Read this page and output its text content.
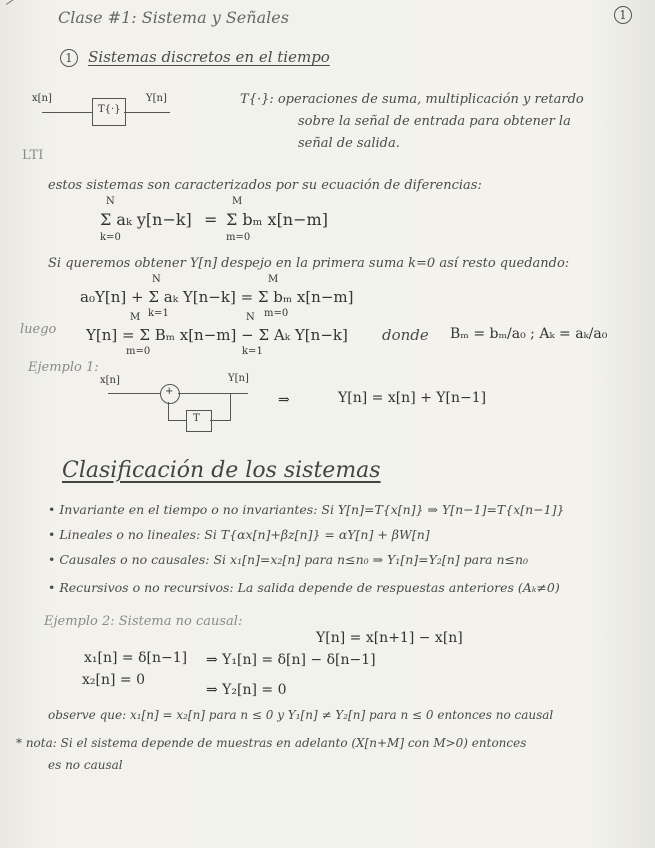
Clase #1: Sistema y Señales	1
1 Sistemas discretos en el tiempo
x[n]
T{·}
Y[n]	T{·}: operaciones de suma, multiplicación y retardo
sobre la señal de entrada para obtener la
señal de salida.
LTI
estos sistemas son caracterizados por su ecuación de diferencias:
N
Σ aₖ y[n−k]
k=0
=
M
Σ bₘ x[n−m]
m=0
Si queremos obtener Y[n] despejo en la primera suma k=0 así resto quedando:
N	M
a₀Y[n] + Σ aₖ Y[n−k] = Σ bₘ x[n−m]
k=1	m=0
luego
M	N
Y[n] = Σ Bₘ x[n−m] − Σ Aₖ Y[n−k]
m=0	k=1
donde Bₘ = bₘ/a₀ ; Aₖ = aₖ/a₀
Ejemplo 1:
x[n]
+
Y[n]
T
⇒	Y[n] = x[n] + Y[n−1]
Clasificación de los sistemas
• Invariante en el tiempo o no invariantes: Si Y[n]=T{x[n]} ⇒ Y[n−1]=T{x[n−1]}
• Lineales o no lineales: Si T{αx[n]+βz[n]} = αY[n] + βW[n]
• Causales o no causales: Si x₁[n]=x₂[n] para n≤n₀ ⇒ Y₁[n]=Y₂[n] para n≤n₀
• Recursivos o no recursivos: La salida depende de respuestas anteriores (Aₖ≠0)
Ejemplo 2: Sistema no causal:
Y[n] = x[n+1] − x[n]
x₁[n] = δ[n−1] ⇒ Y₁[n] = δ[n] − δ[n−1]
x₂[n] = 0
⇒ Y₂[n] = 0
observe que: x₁[n] = x₂[n] para n ≤ 0 y Y₁[n] ≠ Y₂[n] para n ≤ 0 entonces no causal
* nota: Si el sistema depende de muestras en adelanto (X[n+M] con M>0) entonces
es no causal
